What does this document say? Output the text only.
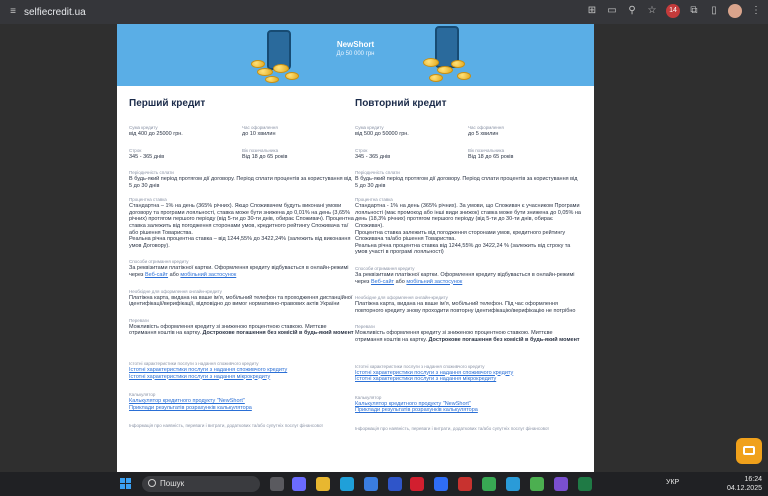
≡ selfiecredit.ua	⊞ ▭ ⚲ ☆	14	⧉	▯	⋮
NewShort
До 50 000 грн
Перший кредит
Сума кредиту
від 400 до 25000 грн.
Час оформлення
до 10 хвилин
Строк
345 - 365 днів
Вік позичальника
Від 18 до 65 років
Періодичність сплати
В будь-який період протягом дії договору. Період сплати процентів за користування від 5 до 30 днів
Процентна ставка
Стандартна – 1% на день (365% річних). Якщо Споживачем будуть виконані умови договору та програми лояльності, ставка може бути знижена до 0,01% на день (3,65% річних) протягом першого періоду (від 5-ти до 30-ти днів, обирає Споживач). Процентна ставка залежить від погодження сторонами умов, кредитного рейтингу Споживача та/або рішення Товариства.
Реальна річна процентна ставка – від 1244,55% до 3422,24% (залежить від виконання умов Договору).
Способи отримання кредиту
За реквізитами платіжної картки. Оформлення кредиту відбувається в онлайн-режимі через Веб-сайт або мобільний застосунок
Необхідне для оформлення онлайн-кредиту
Платіжна карта, видана на ваше ім'я, мобільний телефон та проходження дистанційної ідентифікації/верифікації, відповідно до вимог нормативно-правових актів України
Переваги
Можливість оформлення кредиту зі зниженою процентною ставкою. Миттєве отримання коштів на картку. Дострокове погашення без комісій в будь-який момент
Істотні характеристики послуги з надання споживчого кредиту
Істотні характеристики послуги з надання споживчого кредиту
Істотні характеристики послуги з надання мікрокредиту
Калькулятор
Калькулятор кредитного продукту "NewShort"
Приклади результатів розрахунків калькулятора
Інформація про наявність, переваги і витрати, додаткових та/або супутніх послуг фінансової
Повторний кредит
Сума кредиту
від 500 до 50000 грн.
Час оформлення
до 5 хвилин
Строк
345 - 365 днів
Вік позичальника
Від 18 до 65 років
Періодичність сплати
В будь-який період протягом дії договору. Період сплати процентів за користування від 5 до 30 днів
Процентна ставка
Стандартна - 1% на день (365% річних). За умови, що Споживач є учасником Програми лояльності (має промокод або інші види знижок) ставка може бути знижена до 0,05% на день (18,3% річних) протягом першого періоду (від 5-ти до 30-ти днів, обирає Споживач).
Процентна ставка залежить від погодження сторонами умов, кредитного рейтингу Споживача та/або рішення Товариства.
Реальна річна процентна ставка від 1244,55% до 3422,24 % (залежить від строку та умов участі в програмі лояльності)
Способи отримання кредиту
За реквізитами платіжної картки. Оформлення кредиту відбувається в онлайн-режимі через Веб-сайт або мобільний застосунок
Необхідне для оформлення онлайн-кредиту
Платіжна карта, видана на ваше ім'я, мобільний телефон. Під час оформлення повторного кредиту знову проходити повторну ідентифікацію/верифікацію не потрібно
Переваги
Можливість оформлення кредиту зі зниженою процентною ставкою. Миттєве отримання коштів на картку. Дострокове погашення без комісій в будь-який момент
Істотні характеристики послуги з надання споживчого кредиту
Істотні характеристики послуги з надання споживчого кредиту
Істотні характеристики послуги з надання мікрокредиту
Калькулятор
Калькулятор кредитного продукту "NewShort"
Приклади результатів розрахунків калькулятора
Інформація про наявність, переваги і витрати, додаткових та/або супутніх послуг фінансової
Пошук	УКР	16:24
04.12.2025
